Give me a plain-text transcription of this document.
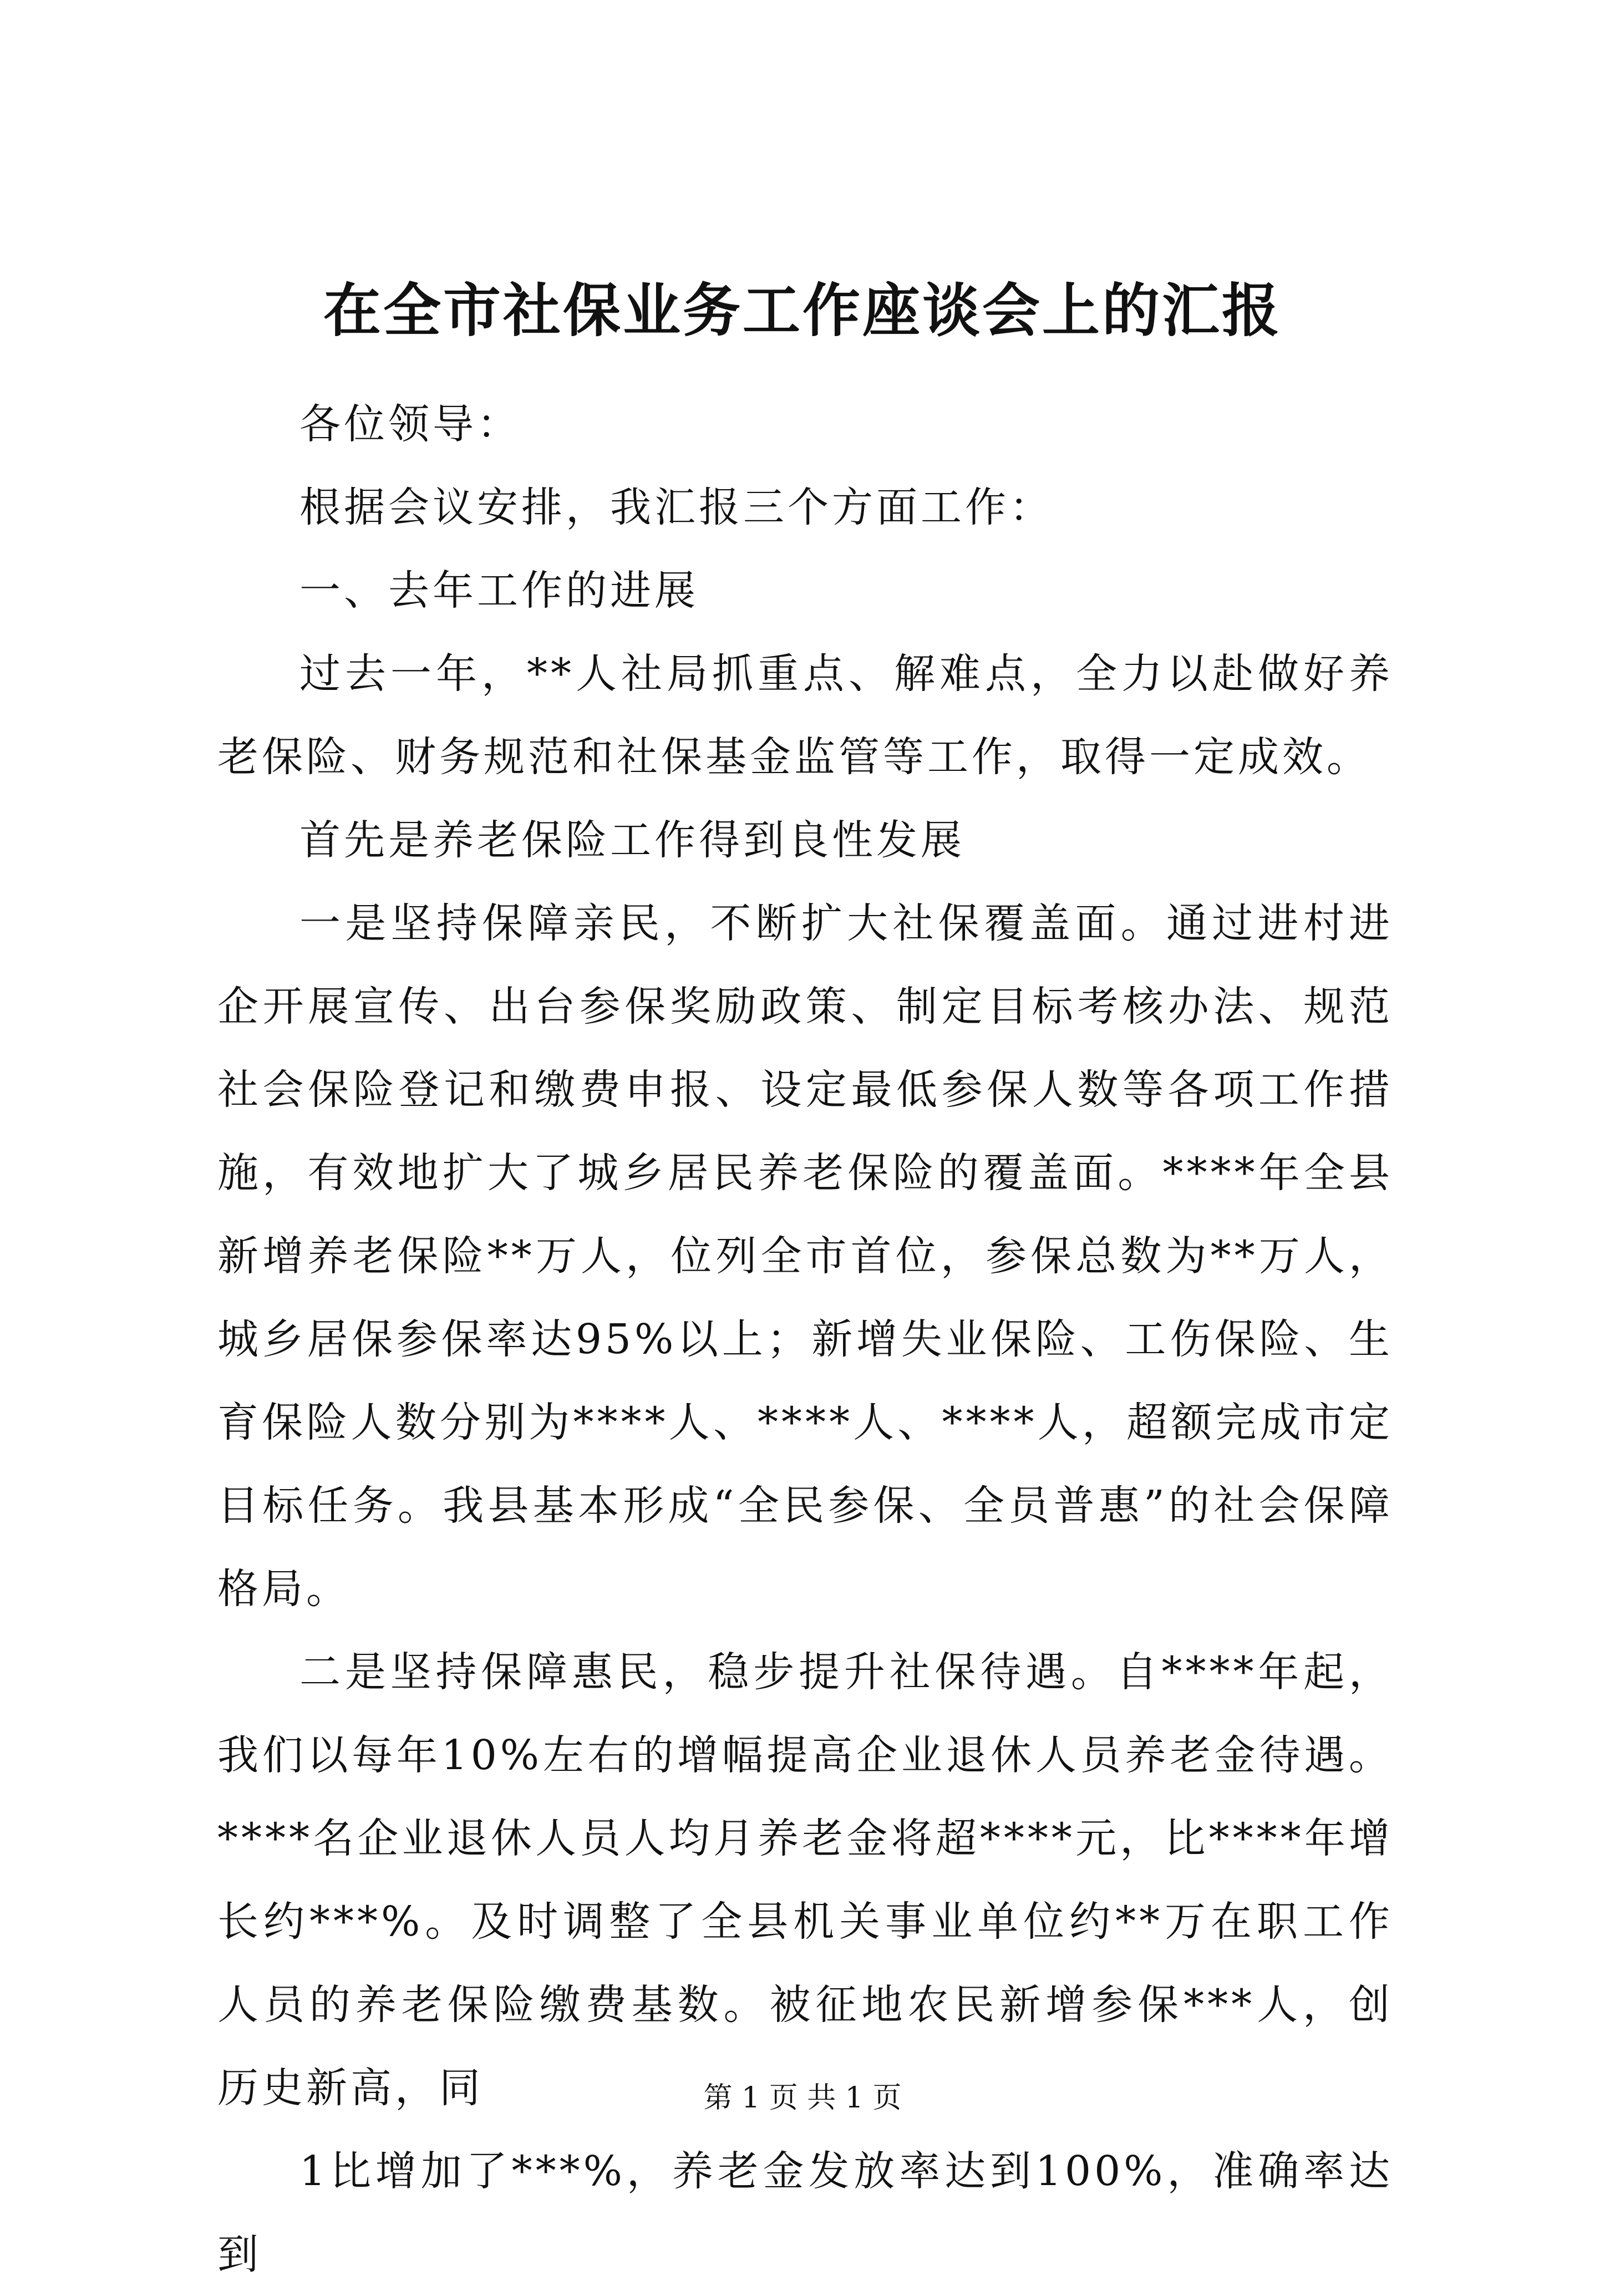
在全市社保业务工作座谈会上的汇报

各位领导：

根据会议安排，我汇报三个方面工作：

一、去年工作的进展

过去一年，**人社局抓重点、解难点，全力以赴做好养老保险、财务规范和社保基金监管等工作，取得一定成效。

首先是养老保险工作得到良性发展

一是坚持保障亲民，不断扩大社保覆盖面。通过进村进企开展宣传、出台参保奖励政策、制定目标考核办法、规范社会保险登记和缴费申报、设定最低参保人数等各项工作措施，有效地扩大了城乡居民养老保险的覆盖面。****年全县新增养老保险**万人，位列全市首位，参保总数为**万人，城乡居保参保率达95%以上；新增失业保险、工伤保险、生育保险人数分别为****人、****人、****人，超额完成市定目标任务。我县基本形成“全民参保、全员普惠”的社会保障格局。

二是坚持保障惠民，稳步提升社保待遇。自****年起，我们以每年10%左右的增幅提高企业退休人员养老金待遇。****名企业退休人员人均月养老金将超****元，比****年增长约***%。及时调整了全县机关事业单位约**万在职工作人员的养老保险缴费基数。被征地农民新增参保***人，创历史新高，同

1比增加了***%，养老金发放率达到100%，准确率达到

第 1 页 共 1 页
